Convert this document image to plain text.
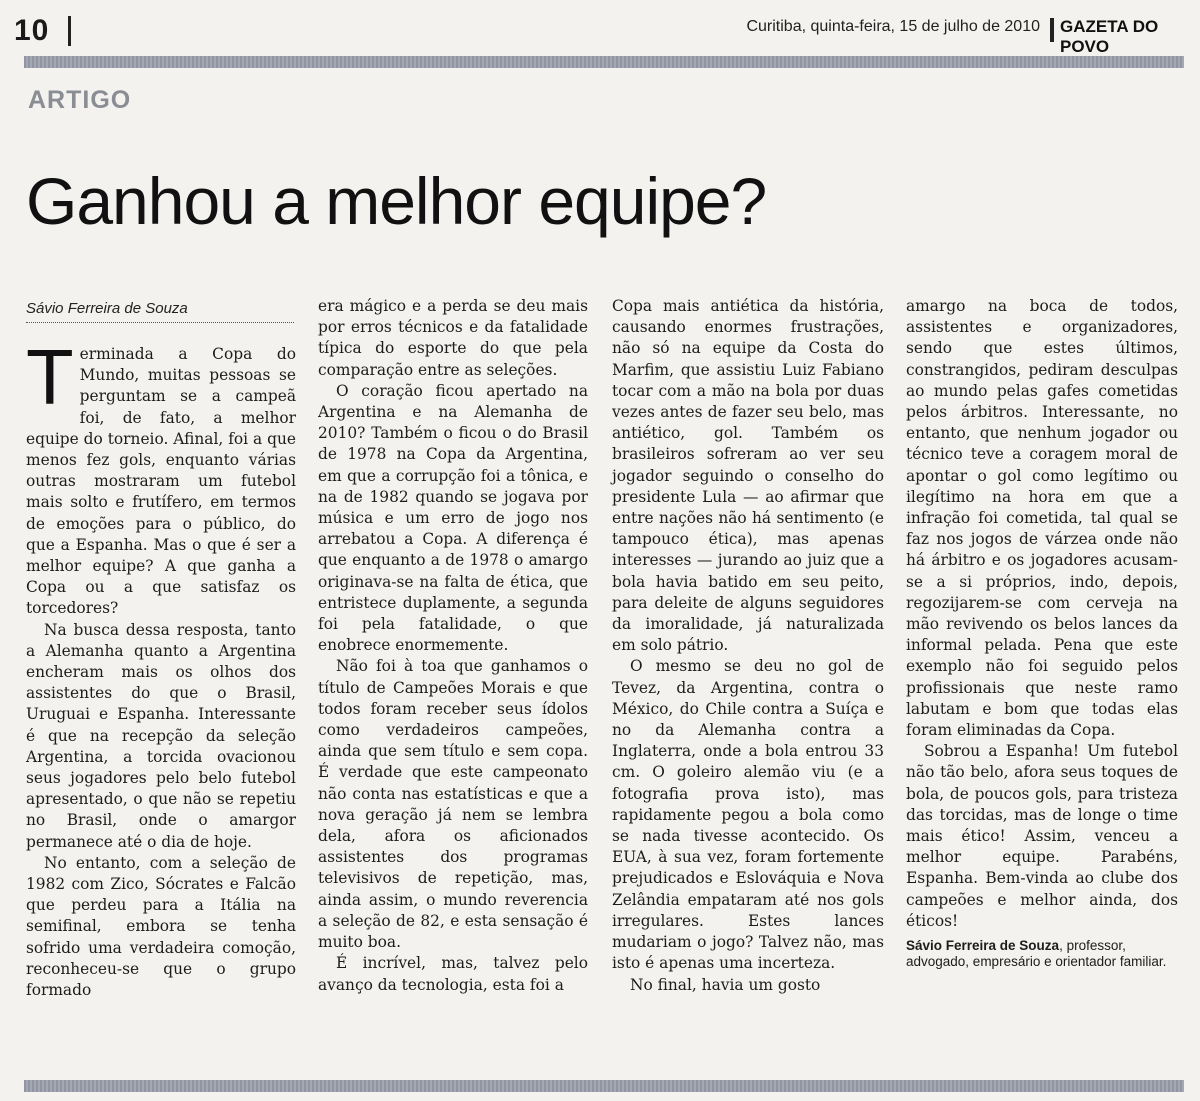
10	Curitiba, quinta-feira, 15 de julho de 2010 GAZETA DO POVO
ARTIGO
Ganhou a melhor equipe?
Sávio Ferreira de Souza

Terminada a Copa do Mundo, muitas pessoas se perguntam se a campeã foi, de fato, a melhor equipe do torneio. Afinal, foi a que menos fez gols, enquanto várias outras mostraram um futebol mais solto e frutífero, em termos de emoções para o público, do que a Espanha. Mas o que é ser a melhor equipe? A que ganha a Copa ou a que satisfaz os torcedores?

Na busca dessa resposta, tanto a Alemanha quanto a Argentina encheram mais os olhos dos assistentes do que o Brasil, Uruguai e Espanha. Interessante é que na recepção da seleção Argentina, a torcida ovacionou seus jogadores pelo belo futebol apresentado, o que não se repetiu no Brasil, onde o amargor permanece até o dia de hoje.

No entanto, com a seleção de 1982 com Zico, Sócrates e Falcão que perdeu para a Itália na semifinal, embora se tenha sofrido uma verdadeira comoção, reconheceu-se que o grupo formado

era mágico e a perda se deu mais por erros técnicos e da fatalidade típica do esporte do que pela comparação entre as seleções.

O coração ficou apertado na Argentina e na Alemanha de 2010? Também o ficou o do Brasil de 1978 na Copa da Argentina, em que a corrupção foi a tônica, e na de 1982 quando se jogava por música e um erro de jogo nos arrebatou a Copa. A diferença é que enquanto a de 1978 o amargo originava-se na falta de ética, que entristece duplamente, a segunda foi pela fatalidade, o que enobrece enormemente.

Não foi à toa que ganhamos o título de Campeões Morais e que todos foram receber seus ídolos como verdadeiros campeões, ainda que sem título e sem copa. É verdade que este campeonato não conta nas estatísticas e que a nova geração já nem se lembra dela, afora os aficionados assistentes dos programas televisivos de repetição, mas, ainda assim, o mundo reverencia a seleção de 82, e esta sensação é muito boa.

É incrível, mas, talvez pelo avanço da tecnologia, esta foi a

Copa mais antiética da história, causando enormes frustrações, não só na equipe da Costa do Marfim, que assistiu Luiz Fabiano tocar com a mão na bola por duas vezes antes de fazer seu belo, mas antiético, gol. Também os brasileiros sofreram ao ver seu jogador seguindo o conselho do presidente Lula — ao afirmar que entre nações não há sentimento (e tampouco ética), mas apenas interesses — jurando ao juiz que a bola havia batido em seu peito, para deleite de alguns seguidores da imoralidade, já naturalizada em solo pátrio.

O mesmo se deu no gol de Tevez, da Argentina, contra o México, do Chile contra a Suíça e no da Alemanha contra a Inglaterra, onde a bola entrou 33 cm. O goleiro alemão viu (e a fotografia prova isto), mas rapidamente pegou a bola como se nada tivesse acontecido. Os EUA, à sua vez, foram fortemente prejudicados e Eslováquia e Nova Zelândia empataram até nos gols irregulares. Estes lances mudariam o jogo? Talvez não, mas isto é apenas uma incerteza.

No final, havia um gosto

amargo na boca de todos, assistentes e organizadores, sendo que estes últimos, constrangidos, pediram desculpas ao mundo pelas gafes cometidas pelos árbitros. Interessante, no entanto, que nenhum jogador ou técnico teve a coragem moral de apontar o gol como legítimo ou ilegítimo na hora em que a infração foi cometida, tal qual se faz nos jogos de várzea onde não há árbitro e os jogadores acusam-se a si próprios, indo, depois, regozijarem-se com cerveja na mão revivendo os belos lances da informal pelada. Pena que este exemplo não foi seguido pelos profissionais que neste ramo labutam e bom que todas elas foram eliminadas da Copa.

Sobrou a Espanha! Um futebol não tão belo, afora seus toques de bola, de poucos gols, para tristeza das torcidas, mas de longe o time mais ético! Assim, venceu a melhor equipe. Parabéns, Espanha. Bem-vinda ao clube dos campeões e melhor ainda, dos éticos!

Sávio Ferreira de Souza, professor, advogado, empresário e orientador familiar.
